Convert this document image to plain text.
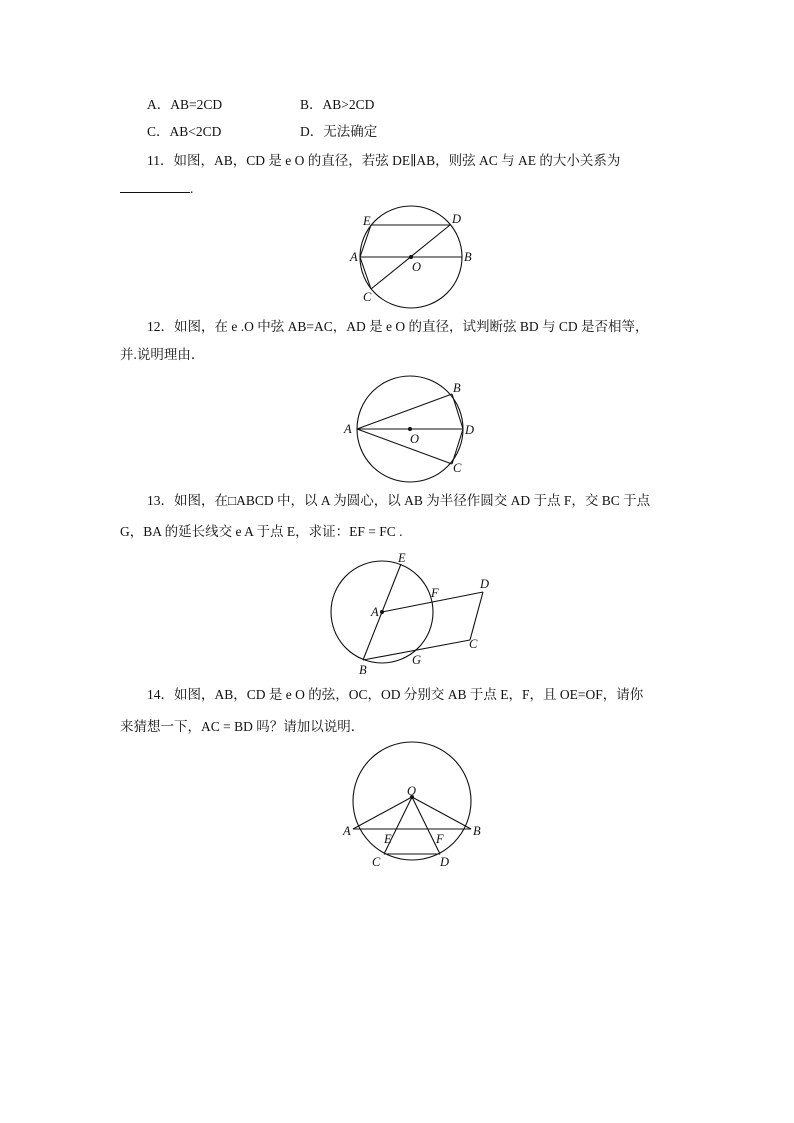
A．AB=2CD	B．AB>2CD
C．AB<2CD	D．无法确定
11．如图，AB，CD 是 e O 的直径，若弦 DE∥AB，则弦 AC 与 AE 的大小关系为
.
E	D
A
O
B
C
12．如图，在 e .O 中弦 AB=AC，AD 是 e O 的直径，试判断弦 BD 与 CD 是否相等，
并.说明理由．
A
B
O
D
C
13．如图，在□ABCD 中，以 A 为圆心，以 AB 为半径作圆交 AD 于点 F，交 BC 于点
G，BA 的延长线交 e A 于点 E，求证：EF = FC .
E
D
F
A
C
B
G
14．如图，AB，CD 是 e O 的弦，OC，OD 分别交 AB 于点 E，F，且 OE=OF，请你
来猜想一下，AC = BD 吗？请加以说明．
O
A	B
E	F
C	D
